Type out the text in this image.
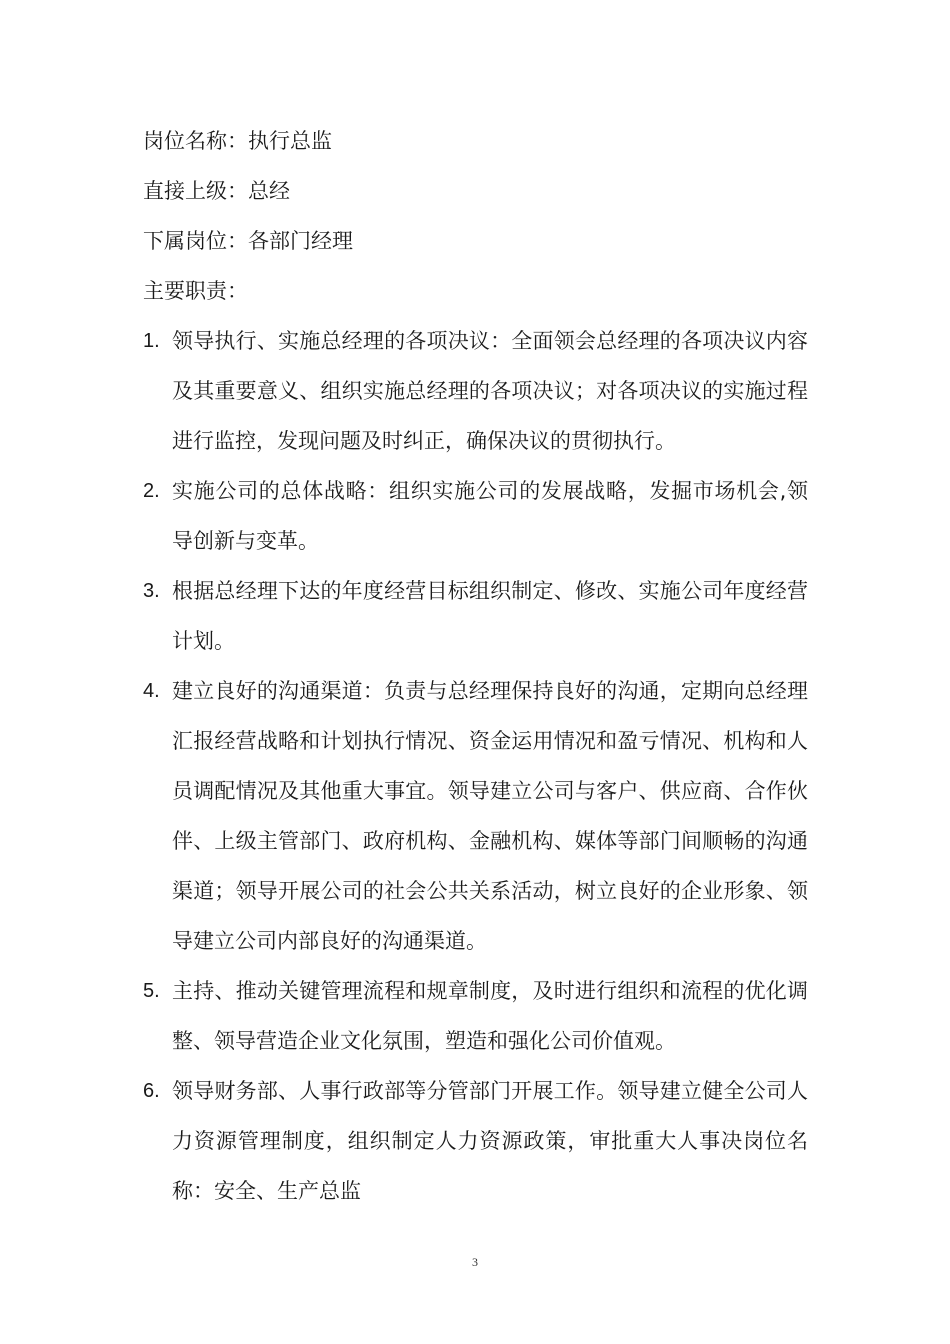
岗位名称：执行总监
直接上级：总经
下属岗位：各部门经理
主要职责：
1. 领导执行、实施总经理的各项决议：全面领会总经理的各项决议内容及其重要意义、组织实施总经理的各项决议；对各项决议的实施过程进行监控，发现问题及时纠正，确保决议的贯彻执行。
2. 实施公司的总体战略：组织实施公司的发展战略，发掘市场机会,领导创新与变革。
3. 根据总经理下达的年度经营目标组织制定、修改、实施公司年度经营计划。
4. 建立良好的沟通渠道：负责与总经理保持良好的沟通，定期向总经理汇报经营战略和计划执行情况、资金运用情况和盈亏情况、机构和人员调配情况及其他重大事宜。领导建立公司与客户、供应商、合作伙伴、上级主管部门、政府机构、金融机构、媒体等部门间顺畅的沟通渠道；领导开展公司的社会公共关系活动，树立良好的企业形象、领导建立公司内部良好的沟通渠道。
5. 主持、推动关键管理流程和规章制度，及时进行组织和流程的优化调整、领导营造企业文化氛围，塑造和强化公司价值观。
6. 领导财务部、人事行政部等分管部门开展工作。领导建立健全公司人力资源管理制度，组织制定人力资源政策，审批重大人事决岗位名称：安全、生产总监
3
